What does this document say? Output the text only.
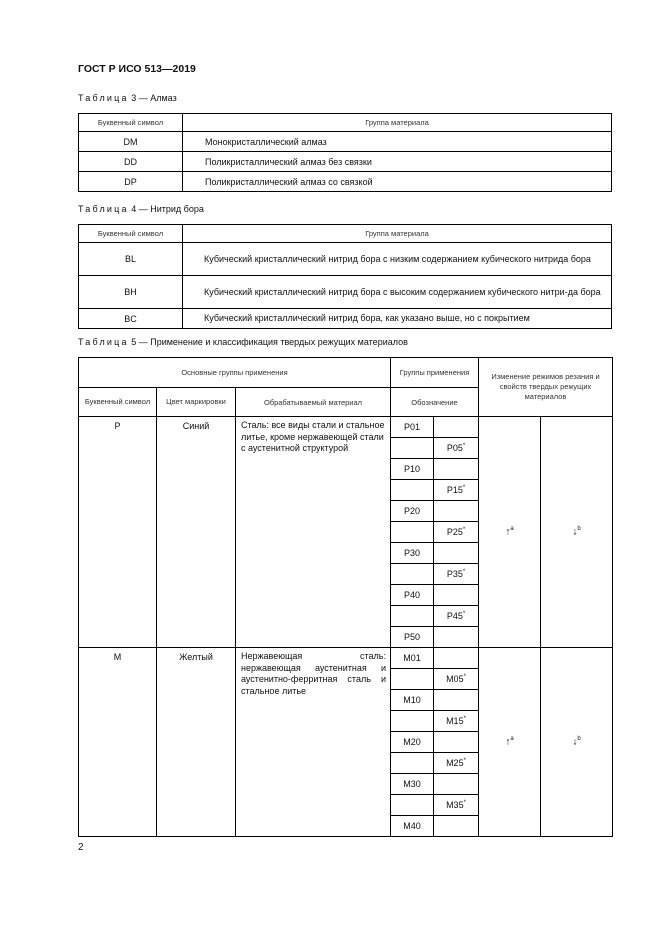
ГОСТ Р ИСО 513—2019
Таблица 3 — Алмаз
Буквенный символ	Группа материала
DM	Монокристаллический алмаз
DD	Поликристаллический алмаз без связки
DP	Поликристаллический алмаз со связкой
Таблица 4 — Нитрид бора
Буквенный символ	Группа материала
BL	Кубический кристаллический нитрид бора с низким содержанием кубического нитрида бора
BH	Кубический кристаллический нитрид бора с высоким содержанием кубического нитри-да бора
BC	Кубический кристаллический нитрид бора, как указано выше, но с покрытием
Таблица 5 — Применение и классификация твердых режущих материалов
Основные группы применения			Группы применения		Изменение режимов резания и свойств твердых режущих материалов	
Буквенный символ	Цвет маркировки	Обрабатываемый материал	Обозначение			
P	Синий	Сталь: все виды стали и стальное литье, кроме нержавеющей стали с аустенитной структурой	P01		↑$^a$	↓$^b$
				P05*
			P10			
				P15*
			P20			
				P25*
			P30			
				P35*
			P40			
				P45*
			P50			
M	Желтый	Нержавеющая сталь: нержавеющая аустенитная и аустенитно-ферритная сталь и стальное литье	M01		↑$^a$	↓$^b$
				M05*
			M10			
				M15*
			M20			
				M25*
			M30			
				M35*
			M40			
2
